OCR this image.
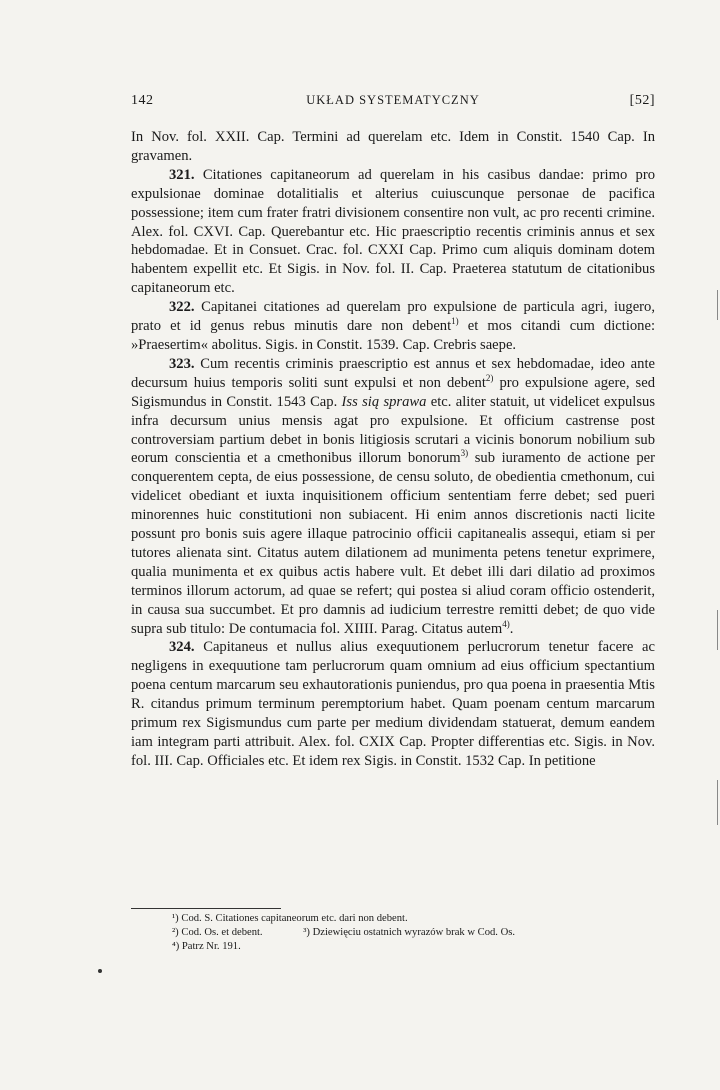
142	UKŁAD SYSTEMATYCZNY	[52]

In Nov. fol. XXII. Cap. Termini ad querelam etc. Idem in Constit. 1540 Cap. In gravamen.

321. Citationes capitaneorum ad querelam in his casibus dandae: primo pro expulsionae dominae dotalitialis et alterius cuiuscunque personae de pacifica possessione; item cum frater fratri divisionem consentire non vult, ac pro recenti crimine. Alex. fol. CXVI. Cap. Querebantur etc. Hic praescriptio recentis criminis annus et sex hebdomadae. Et in Consuet. Crac. fol. CXXI Cap. Primo cum aliquis dominam dotem habentem expellit etc. Et Sigis. in Nov. fol. II. Cap. Praeterea statutum de citationibus capitaneorum etc.

322. Capitanei citationes ad querelam pro expulsione de particula agri, iugero, prato et id genus rebus minutis dare non debent$^{1)}$ et mos citandi cum dictione: »Praesertim« abolitus. Sigis. in Constit. 1539. Cap. Crebris saepe.

323. Cum recentis criminis praescriptio est annus et sex hebdomadae, ideo ante decursum huius temporis soliti sunt expulsi et non debent$^{2)}$ pro expulsione agere, sed Sigismundus in Constit. 1543 Cap. Iss sią sprawa etc. aliter statuit, ut videlicet expulsus infra decursum unius mensis agat pro expulsione. Et officium castrense post controversiam partium debet in bonis litigiosis scrutari a vicinis bonorum nobilium sub eorum conscientia et a cmethonibus illorum bonorum$^{3)}$ sub iuramento de actione per conquerentem cepta, de eius possessione, de censu soluto, de obedientia cmethonum, cui videlicet obediant et iuxta inquisitionem officium sententiam ferre debet; sed pueri minorennes huic constitutioni non subiacent. Hi enim annos discretionis nacti licite possunt pro bonis suis agere illaque patrocinio officii capitanealis assequi, etiam si per tutores alienata sint. Citatus autem dilationem ad munimenta petens tenetur exprimere, qualia munimenta et ex quibus actis habere vult. Et debet illi dari dilatio ad proximos terminos illorum actorum, ad quae se refert; qui postea si aliud coram officio ostenderit, in causa sua succumbet. Et pro damnis ad iudicium terrestre remitti debet; de quo vide supra sub titulo: De contumacia fol. XIIII. Parag. Citatus autem$^{4)}$.

324. Capitaneus et nullus alius exequutionem perlucrorum tenetur facere ac negligens in exequutione tam perlucrorum quam omnium ad eius officium spectantium poena centum marcarum seu exhautorationis puniendus, pro qua poena in praesentia Mtis R. citandus primum terminum peremptorium habet. Quam poenam centum marcarum primum rex Sigismundus cum parte per medium dividendam statuerat, demum eandem iam integram parti attribuit. Alex. fol. CXIX Cap. Propter differentias etc. Sigis. in Nov. fol. III. Cap. Officiales etc. Et idem rex Sigis. in Constit. 1532 Cap. In petitione

¹) Cod. S. Citationes capitaneorum etc. dari non debent.
²) Cod. Os. et debent.	³) Dziewięciu ostatnich wyrazów brak w Cod. Os.
⁴) Patrz Nr. 191.
